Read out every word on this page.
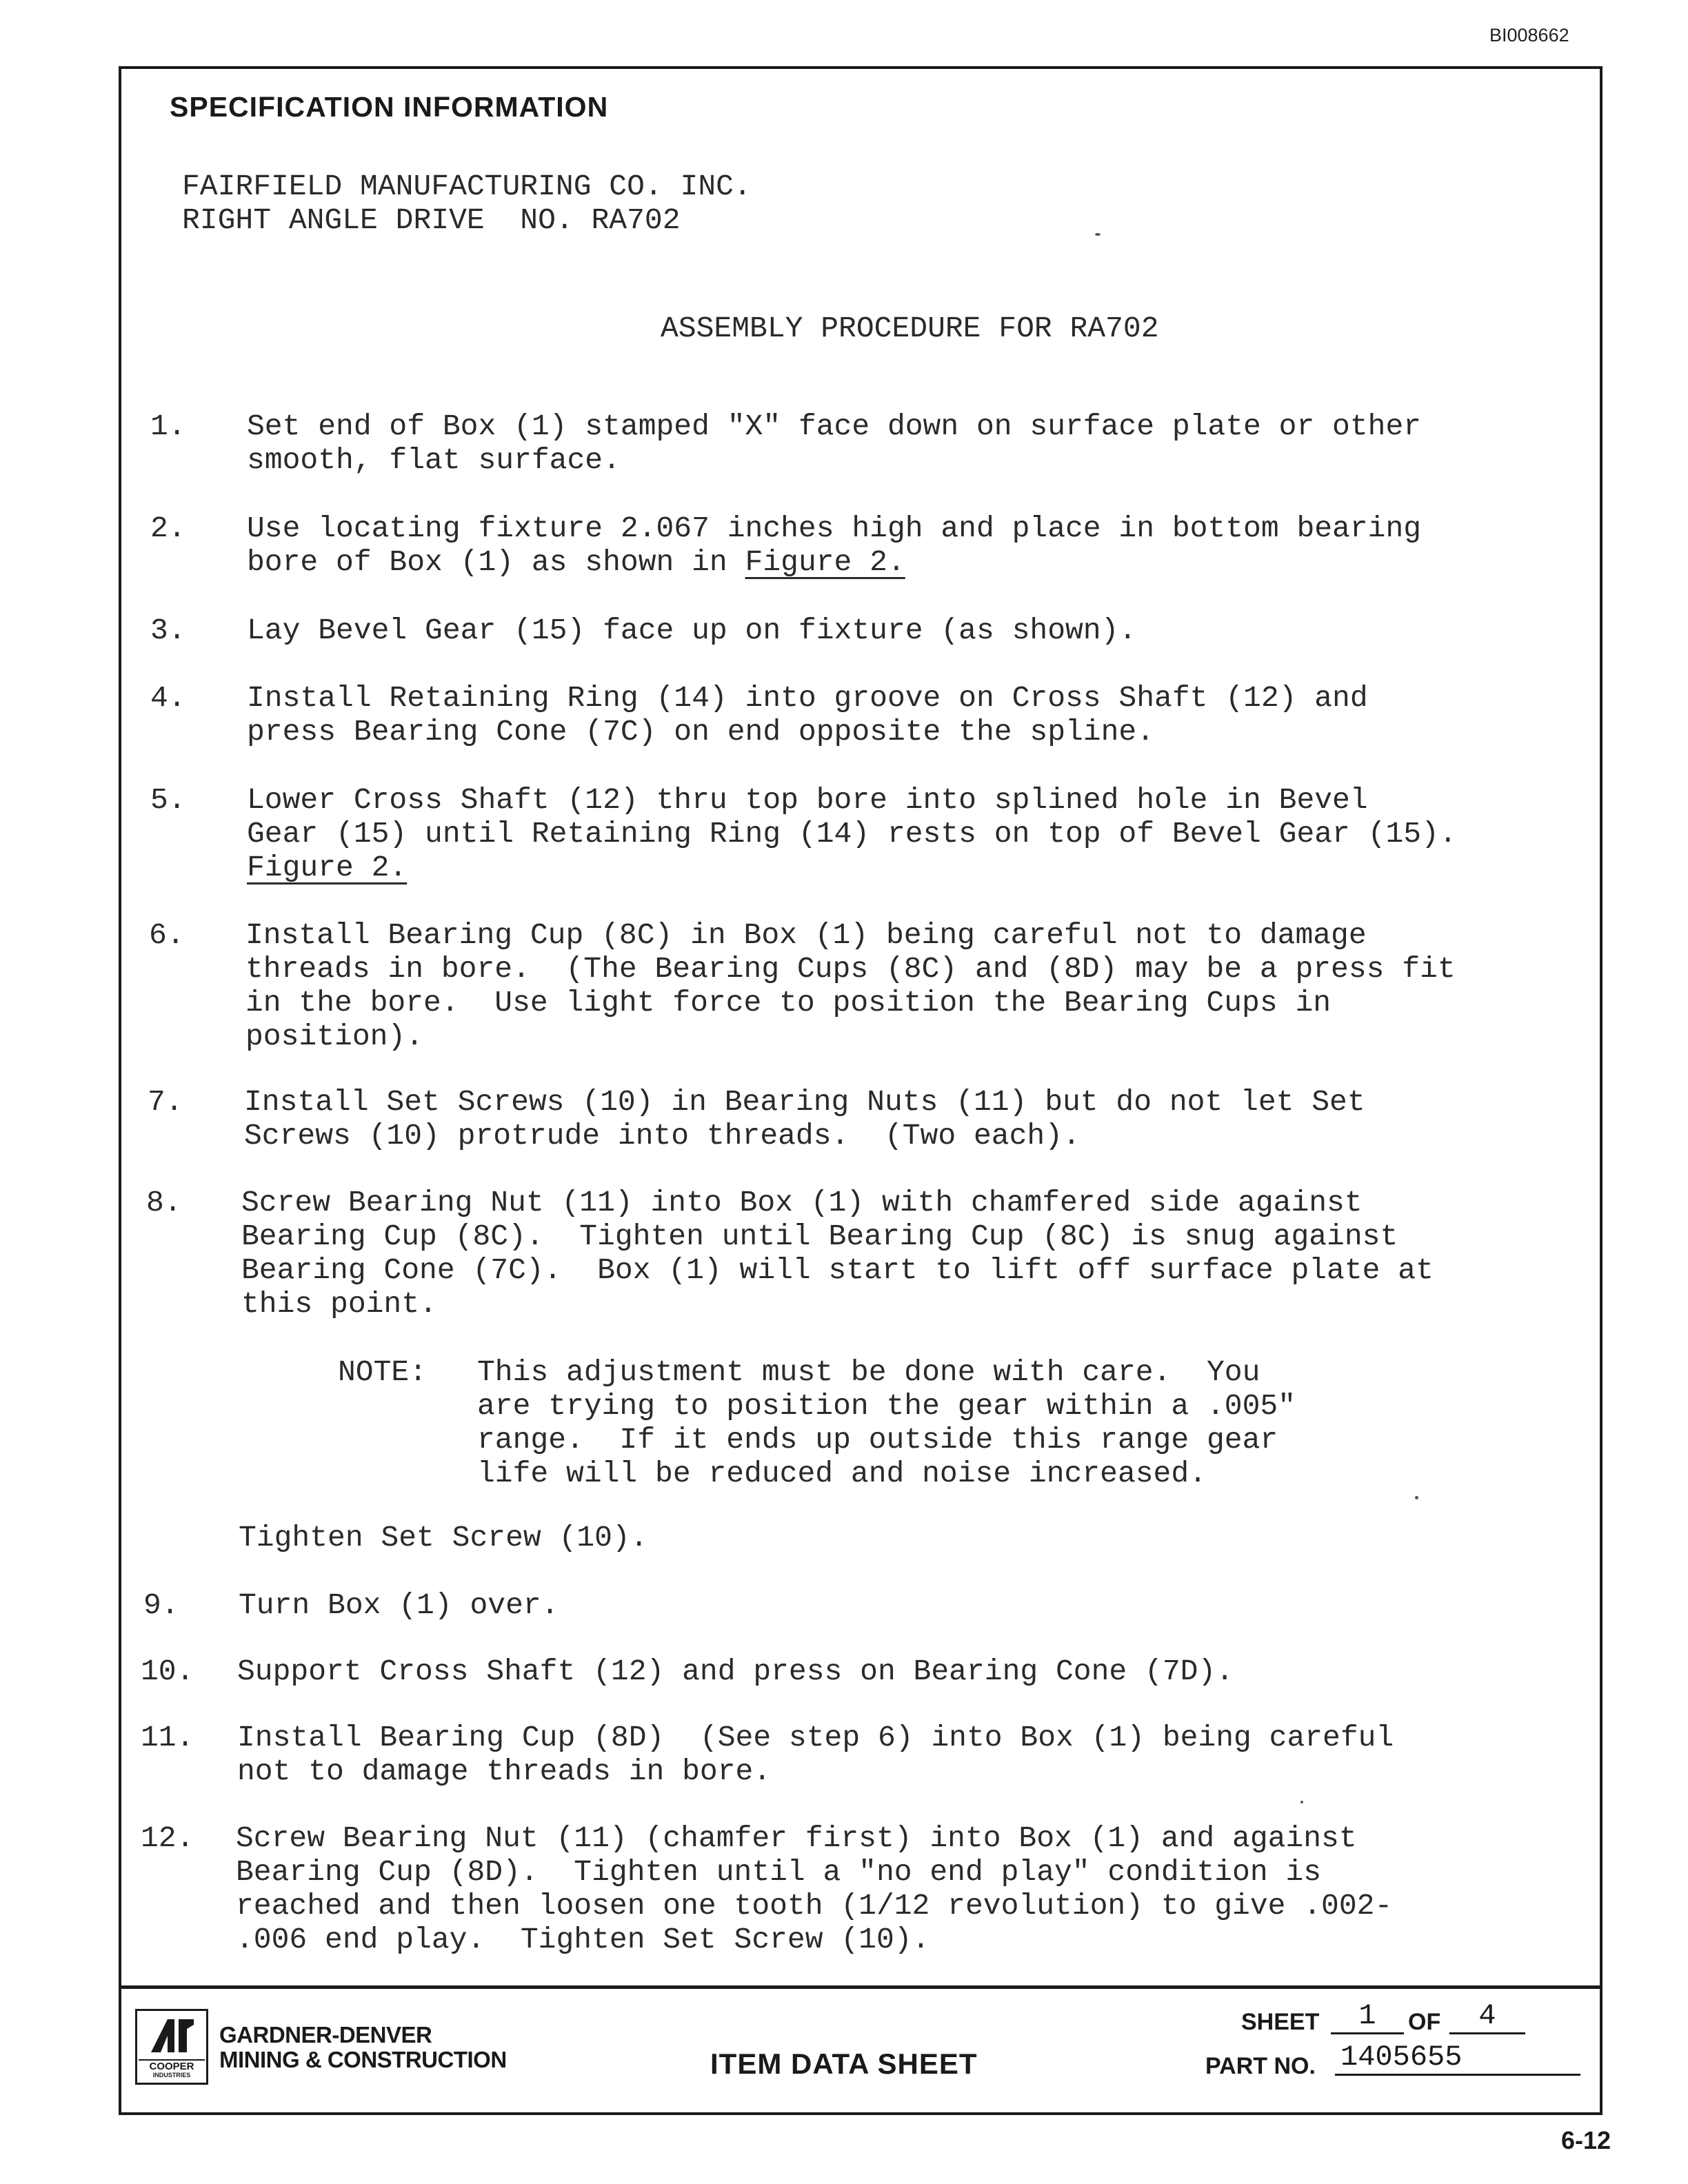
BI008662
SPECIFICATION INFORMATION
FAIRFIELD MANUFACTURING CO. INC.
RIGHT ANGLE DRIVE  NO. RA702
ASSEMBLY PROCEDURE FOR RA702
1. Set end of Box (1) stamped "X" face down on surface plate or other
smooth, flat surface.
2. Use locating fixture 2.067 inches high and place in bottom bearing
bore of Box (1) as shown in Figure 2.
3. Lay Bevel Gear (15) face up on fixture (as shown).
4. Install Retaining Ring (14) into groove on Cross Shaft (12) and
press Bearing Cone (7C) on end opposite the spline.
5. Lower Cross Shaft (12) thru top bore into splined hole in Bevel
Gear (15) until Retaining Ring (14) rests on top of Bevel Gear (15).
Figure 2.
6. Install Bearing Cup (8C) in Box (1) being careful not to damage
threads in bore.  (The Bearing Cups (8C) and (8D) may be a press fit
in the bore.  Use light force to position the Bearing Cups in
position).
7. Install Set Screws (10) in Bearing Nuts (11) but do not let Set
Screws (10) protrude into threads.  (Two each).
8. Screw Bearing Nut (11) into Box (1) with chamfered side against
Bearing Cup (8C).  Tighten until Bearing Cup (8C) is snug against
Bearing Cone (7C).  Box (1) will start to lift off surface plate at
this point.
NOTE: This adjustment must be done with care.  You
are trying to position the gear within a .005"
range.  If it ends up outside this range gear
life will be reduced and noise increased.
Tighten Set Screw (10).
9. Turn Box (1) over.
10. Support Cross Shaft (12) and press on Bearing Cone (7D).
11. Install Bearing Cup (8D)  (See step 6) into Box (1) being careful
not to damage threads in bore.
12. Screw Bearing Nut (11) (chamfer first) into Box (1) and against
Bearing Cup (8D).  Tighten until a "no end play" condition is
reached and then loosen one tooth (1/12 revolution) to give .002-
.006 end play.  Tighten Set Screw (10).
COOPER
INDUSTRIES
GARDNER-DENVER
MINING & CONSTRUCTION	ITEM DATA SHEET
SHEET	1	OF	4
PART NO. 1405655
6-12
